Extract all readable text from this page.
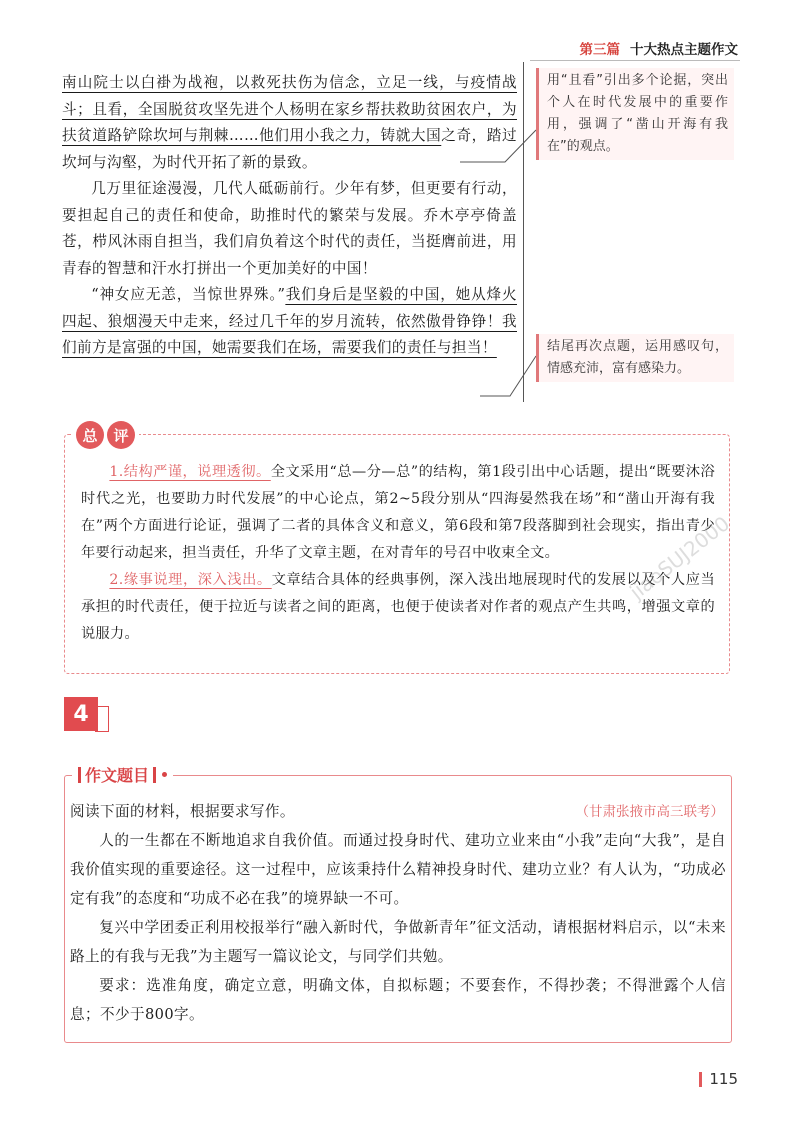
第三篇 十大热点主题作文

南山院士以白褂为战袍，以救死扶伤为信念，立足一线，与疫情战斗；且看，全国脱贫攻坚先进个人杨明在家乡帮扶救助贫困农户，为扶贫道路铲除坎坷与荆棘……他们用小我之力，铸就大国之奇，踏过坎坷与沟壑，为时代开拓了新的景致。

几万里征途漫漫，几代人砥砺前行。少年有梦，但更要有行动，要担起自己的责任和使命，助推时代的繁荣与发展。乔木亭亭倚盖苍，栉风沐雨自担当，我们肩负着这个时代的责任，当挺膺前进，用青春的智慧和汗水打拼出一个更加美好的中国！

“神女应无恙，当惊世界殊。”我们身后是坚毅的中国，她从烽火四起、狼烟漫天中走来，经过几千年的岁月流转，依然傲骨铮铮！我们前方是富强的中国，她需要我们在场，需要我们的责任与担当！

用“且看”引出多个论据，突出个人在时代发展中的重要作用，强调了“凿山开海有我在”的观点。
结尾再次点题，运用感叹句，情感充沛，富有感染力。

1.结构严谨，说理透彻。全文采用“总—分—总”的结构，第1段引出中心话题，提出“既要沐浴时代之光，也要助力时代发展”的中心论点，第2~5段分别从“四海晏然我在场”和“凿山开海有我在”两个方面进行论证，强调了二者的具体含义和意义，第6段和第7段落脚到社会现实，指出青少年要行动起来，担当责任，升华了文章主题，在对青年的号召中收束全文。

2.缘事说理，深入浅出。文章结合具体的经典事例，深入浅出地展现时代的发展以及个人应当承担的时代责任，便于拉近与读者之间的距离，也便于使读者对作者的观点产生共鸣，增强文章的说服力。

总	评
jiaoSUJ2000
4
作文题目
（甘肃张掖市高三联考）

阅读下面的材料，根据要求写作。

人的一生都在不断地追求自我价值。而通过投身时代、建功立业来由“小我”走向“大我”，是自我价值实现的重要途径。这一过程中，应该秉持什么精神投身时代、建功立业？有人认为，“功成必定有我”的态度和“功成不必在我”的境界缺一不可。

复兴中学团委正利用校报举行“融入新时代，争做新青年”征文活动，请根据材料启示，以“未来路上的有我与无我”为主题写一篇议论文，与同学们共勉。

要求：选准角度，确定立意，明确文体，自拟标题；不要套作，不得抄袭；不得泄露个人信息；不少于800字。

115
